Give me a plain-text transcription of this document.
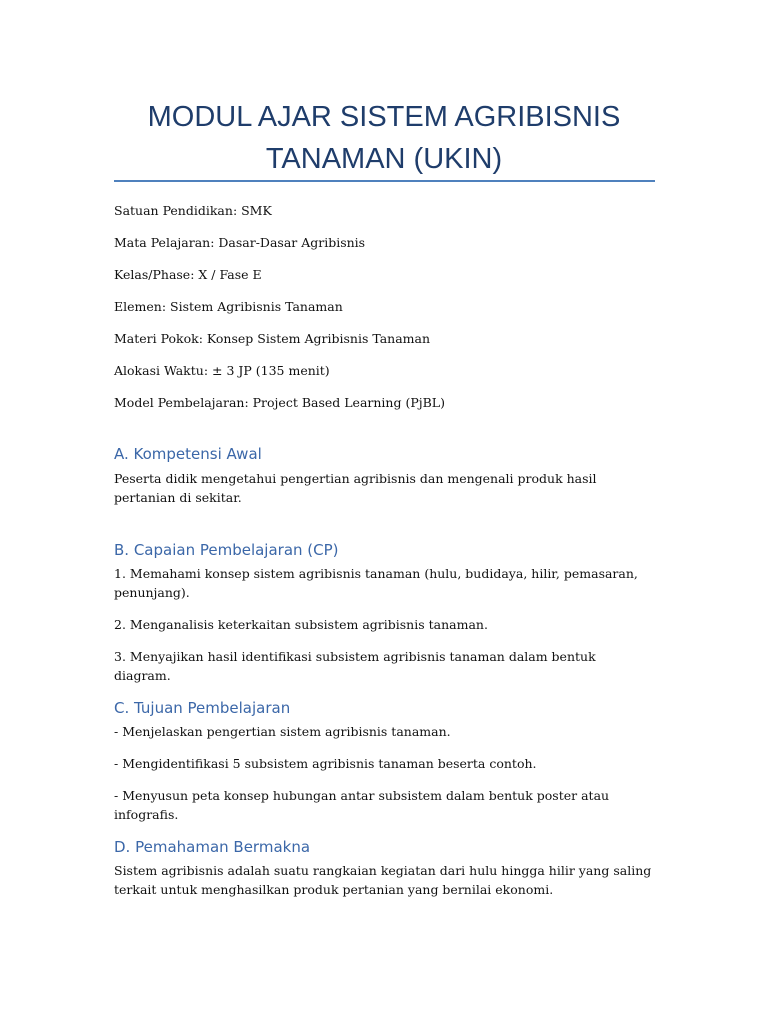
MODUL AJAR SISTEM AGRIBISNIS
TANAMAN (UKIN)

Satuan Pendidikan: SMK

Mata Pelajaran: Dasar-Dasar Agribisnis

Kelas/Phase: X / Fase E

Elemen: Sistem Agribisnis Tanaman

Materi Pokok: Konsep Sistem Agribisnis Tanaman

Alokasi Waktu: ± 3 JP (135 menit)

Model Pembelajaran: Project Based Learning (PjBL)

A. Kompetensi Awal

Peserta didik mengetahui pengertian agribisnis dan mengenali produk hasil pertanian di sekitar.

B. Capaian Pembelajaran (CP)

1. Memahami konsep sistem agribisnis tanaman (hulu, budidaya, hilir, pemasaran, penunjang).

2. Menganalisis keterkaitan subsistem agribisnis tanaman.

3. Menyajikan hasil identifikasi subsistem agribisnis tanaman dalam bentuk diagram.

C. Tujuan Pembelajaran

- Menjelaskan pengertian sistem agribisnis tanaman.

- Mengidentifikasi 5 subsistem agribisnis tanaman beserta contoh.

- Menyusun peta konsep hubungan antar subsistem dalam bentuk poster atau infografis.

D. Pemahaman Bermakna

Sistem agribisnis adalah suatu rangkaian kegiatan dari hulu hingga hilir yang saling terkait untuk menghasilkan produk pertanian yang bernilai ekonomi.
